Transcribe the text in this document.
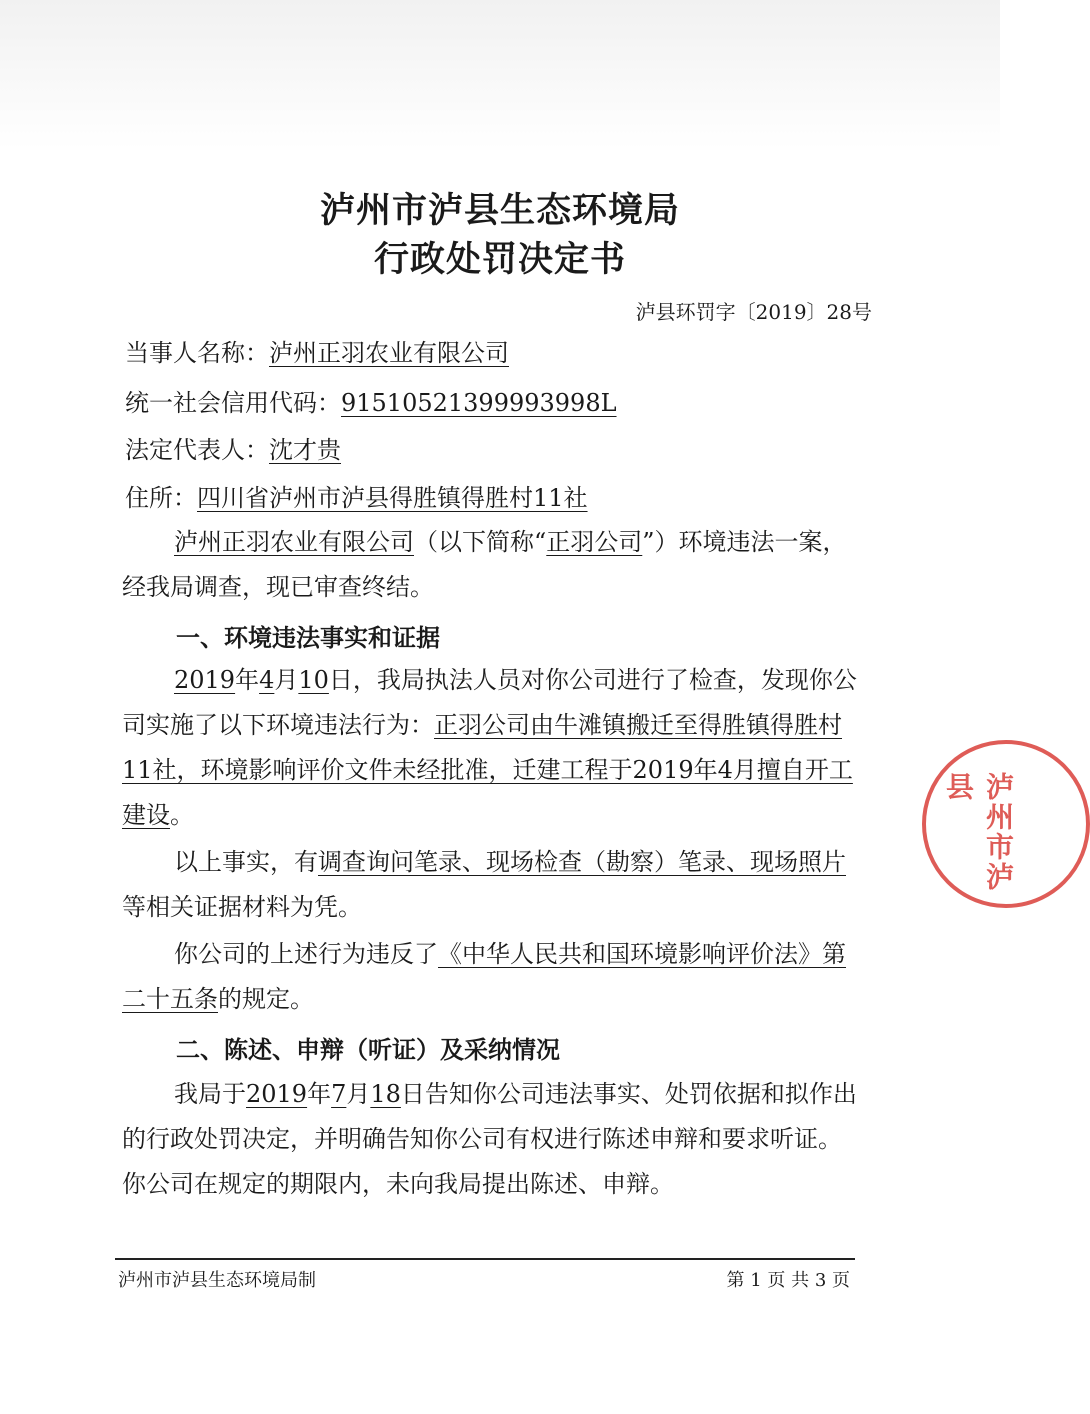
泸州市泸县生态环境局
行政处罚决定书
泸县环罚字〔2019〕28号
当事人名称：泸州正羽农业有限公司
统一社会信用代码：91510521399993998L
法定代表人：沈才贵
住所：四川省泸州市泸县得胜镇得胜村11社
泸州正羽农业有限公司（以下简称“正羽公司”）环境违法一案，经我局调查，现已审查终结。
一、环境违法事实和证据
2019年4月10日，我局执法人员对你公司进行了检查，发现你公司实施了以下环境违法行为：正羽公司由牛滩镇搬迁至得胜镇得胜村11社，环境影响评价文件未经批准，迁建工程于2019年4月擅自开工建设。
以上事实，有调查询问笔录、现场检查（勘察）笔录、现场照片 等相关证据材料为凭。
你公司的上述行为违反了《中华人民共和国环境影响评价法》第二十五条的规定。
二、陈述、申辩（听证）及采纳情况
我局于2019年7月18日告知你公司违法事实、处罚依据和拟作出的行政处罚决定，并明确告知你公司有权进行陈述申辩和要求听证。你公司在规定的期限内，未向我局提出陈述、申辩。
泸州市泸县
泸州市泸县生态环境局制	第 1 页 共 3 页
